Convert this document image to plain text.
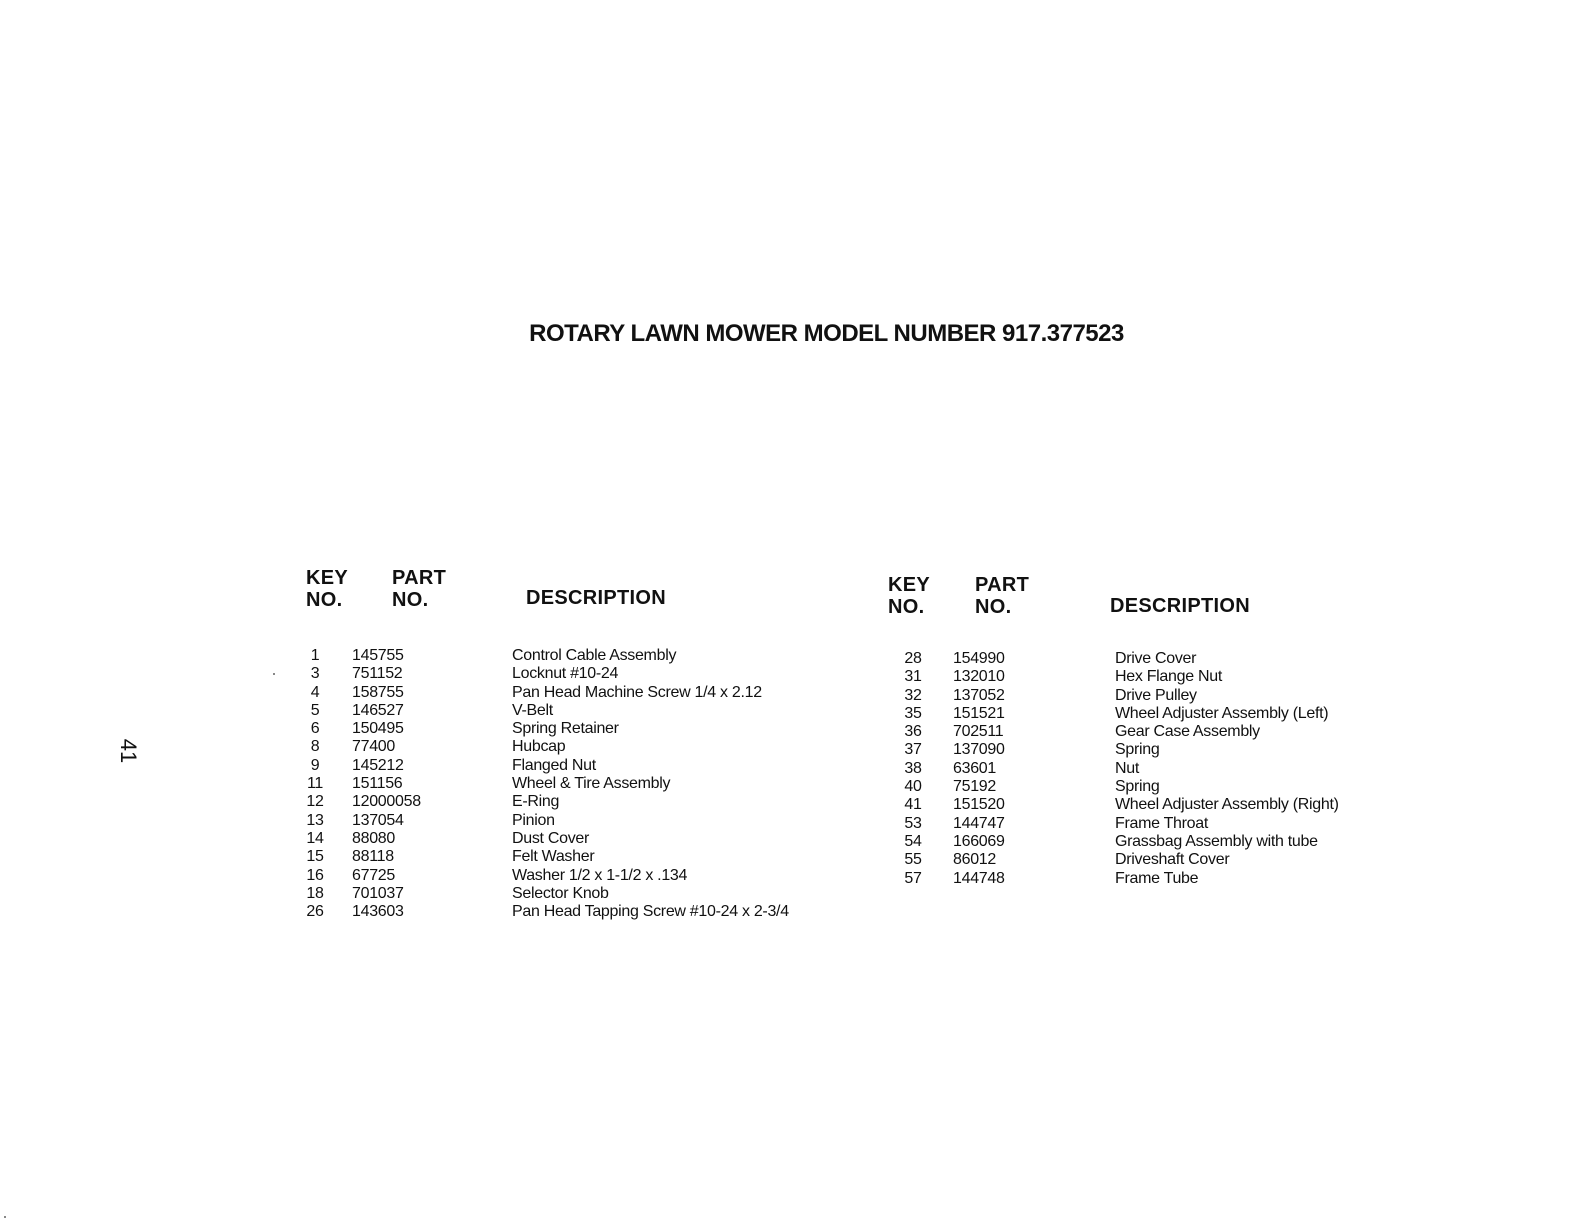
ROTARY LAWN MOWER MODEL NUMBER 917.377523
41
KEY
NO.
PART
NO.	DESCRIPTION
KEY
NO.
PART
NO.	DESCRIPTION
1	145755	Control Cable Assembly
3	751152	Locknut #10-24
4	158755	Pan Head Machine Screw 1/4 x 2.12
5	146527	V-Belt
6	150495	Spring Retainer
8	77400	Hubcap
9	145212	Flanged Nut
11	151156	Wheel & Tire Assembly
12	12000058	E-Ring
13	137054	Pinion
14	88080	Dust Cover
15	88118	Felt Washer
16	67725	Washer 1/2 x 1-1/2 x .134
18	701037	Selector Knob
26	143603	Pan Head Tapping Screw #10-24 x 2-3/4
28	154990	Drive Cover
31	132010	Hex Flange Nut
32	137052	Drive Pulley
35	151521	Wheel Adjuster Assembly (Left)
36	702511	Gear Case Assembly
37	137090	Spring
38	63601	Nut
40	75192	Spring
41	151520	Wheel Adjuster Assembly (Right)
53	144747	Frame Throat
54	166069	Grassbag Assembly with tube
55	86012	Driveshaft Cover
57	144748	Frame Tube
